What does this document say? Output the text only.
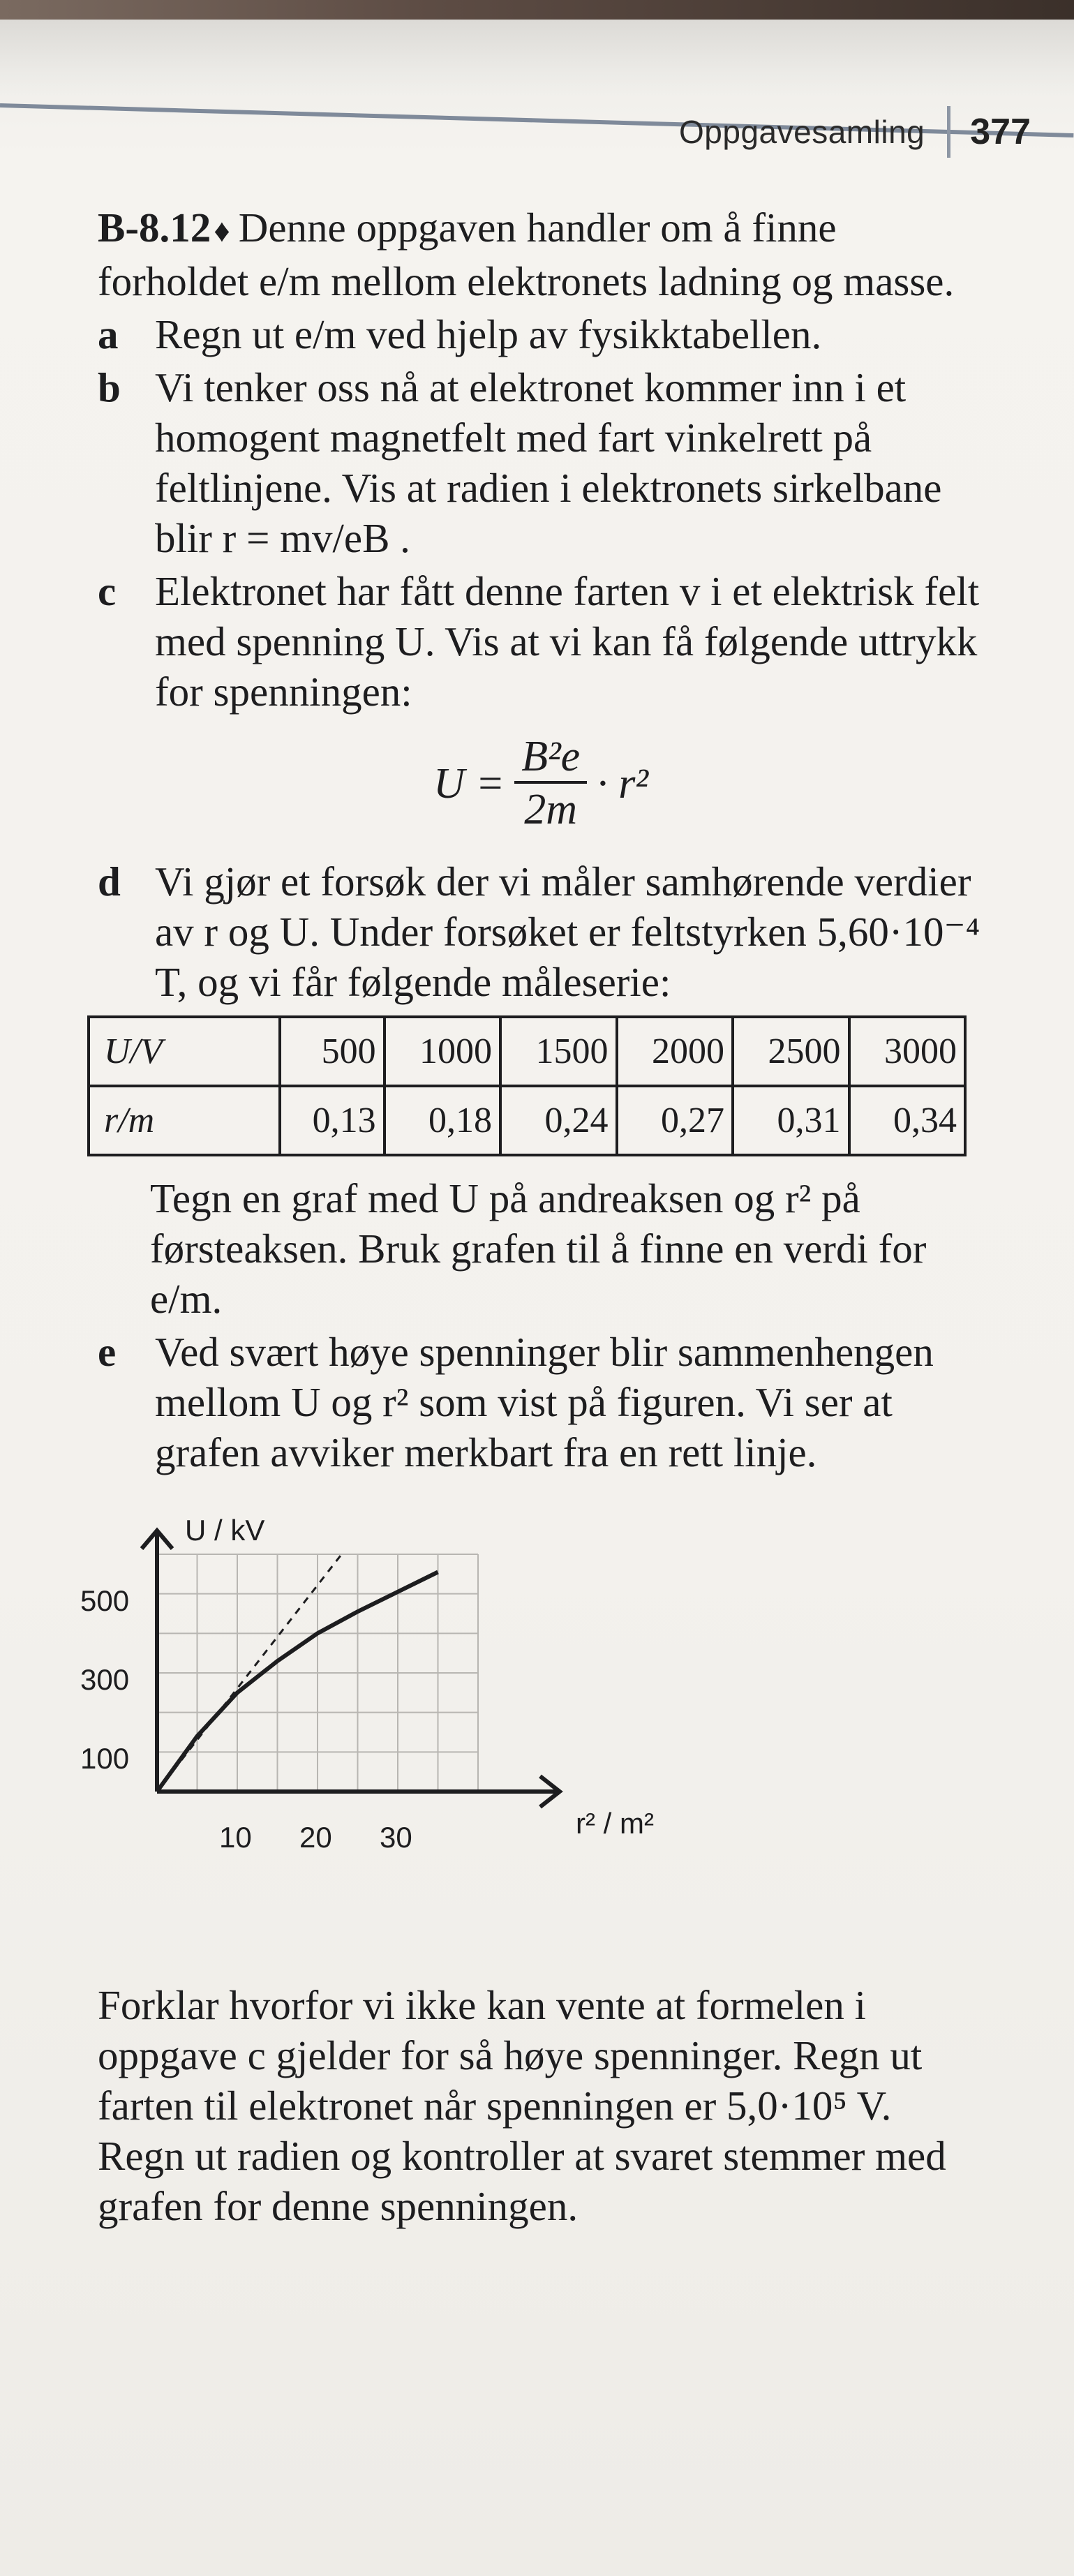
Oppgavesamling 377

B-8.12♦ Denne oppgaven handler om å finne forholdet e/m mellom elektronets ladning og masse.

a Regn ut e/m ved hjelp av fysikktabellen.
b Vi tenker oss nå at elektronet kommer inn i et homogent magnetfelt med fart vinkelrett på feltlinjene. Vis at radien i elektronets sirkelbane blir r = mv/eB .
c Elektronet har fått denne farten v i et elektrisk felt med spenning U. Vis at vi kan få følgende uttrykk for spenningen:
$U = \frac{\text{B²e}}{2m} \cdot r^2$
d Vi gjør et forsøk der vi måler samhørende verdier av r og U. Under forsøket er feltstyrken 5,60·10⁻⁴ T, og vi får følgende måleserie:
U/V	500	1000	1500	2000	2500	3000
r/m	0,13	0,18	0,24	0,27	0,31	0,34

Tegn en graf med U på andreaksen og r² på førsteaksen. Bruk grafen til å finne en verdi for e/m.

e Ved svært høye spenninger blir sammenhengen mellom U og r² som vist på figuren. Vi ser at grafen avviker merkbart fra en rett linje.
U / kV
r² / m²
100
300
500
10 20 30

Forklar hvorfor vi ikke kan vente at formelen i oppgave c gjelder for så høye spenninger. Regn ut farten til elektronet når spenningen er 5,0·10⁵ V. Regn ut radien og kontroller at svaret stemmer med grafen for denne spenningen.
